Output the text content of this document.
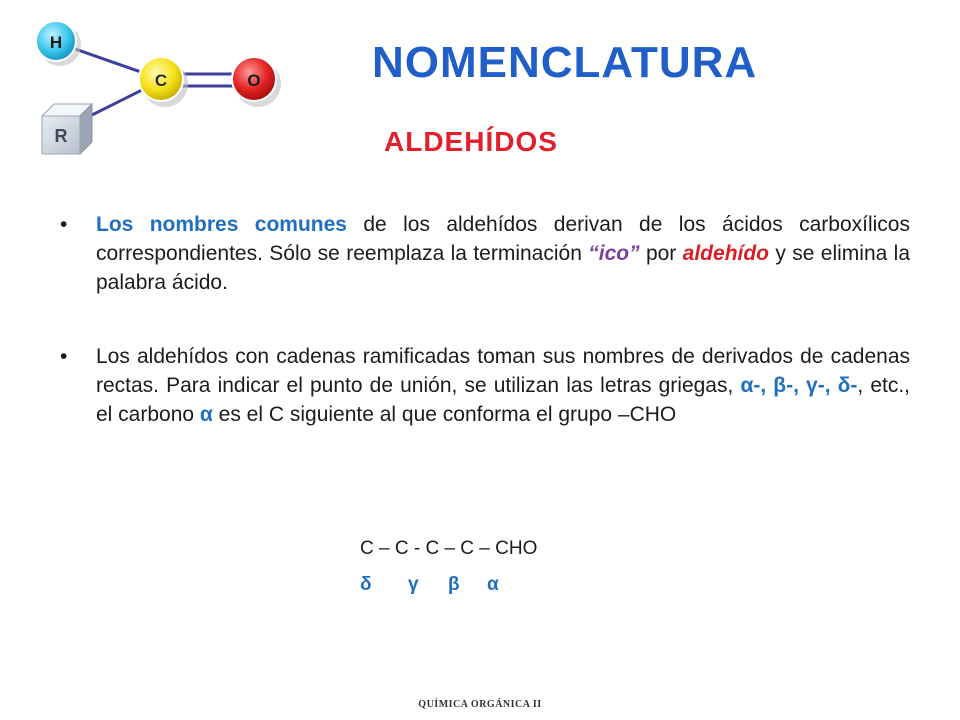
R
H
C	O	NOMENCLATURA
ALDEHÍDOS
• Los nombres comunes de los aldehídos derivan de los ácidos carboxílicos correspondientes. Sólo se reemplaza la terminación “ico” por aldehído y se elimina la palabra ácido.
• Los aldehídos con cadenas ramificadas toman sus nombres de derivados de cadenas rectas. Para indicar el punto de unión, se utilizan las letras griegas, α-, β-, γ-, δ-, etc., el carbono α es el C siguiente al que conforma el grupo –CHO
C – C - C – C – CHO
δ γ β α
QUÍMICA ORGÁNICA II
